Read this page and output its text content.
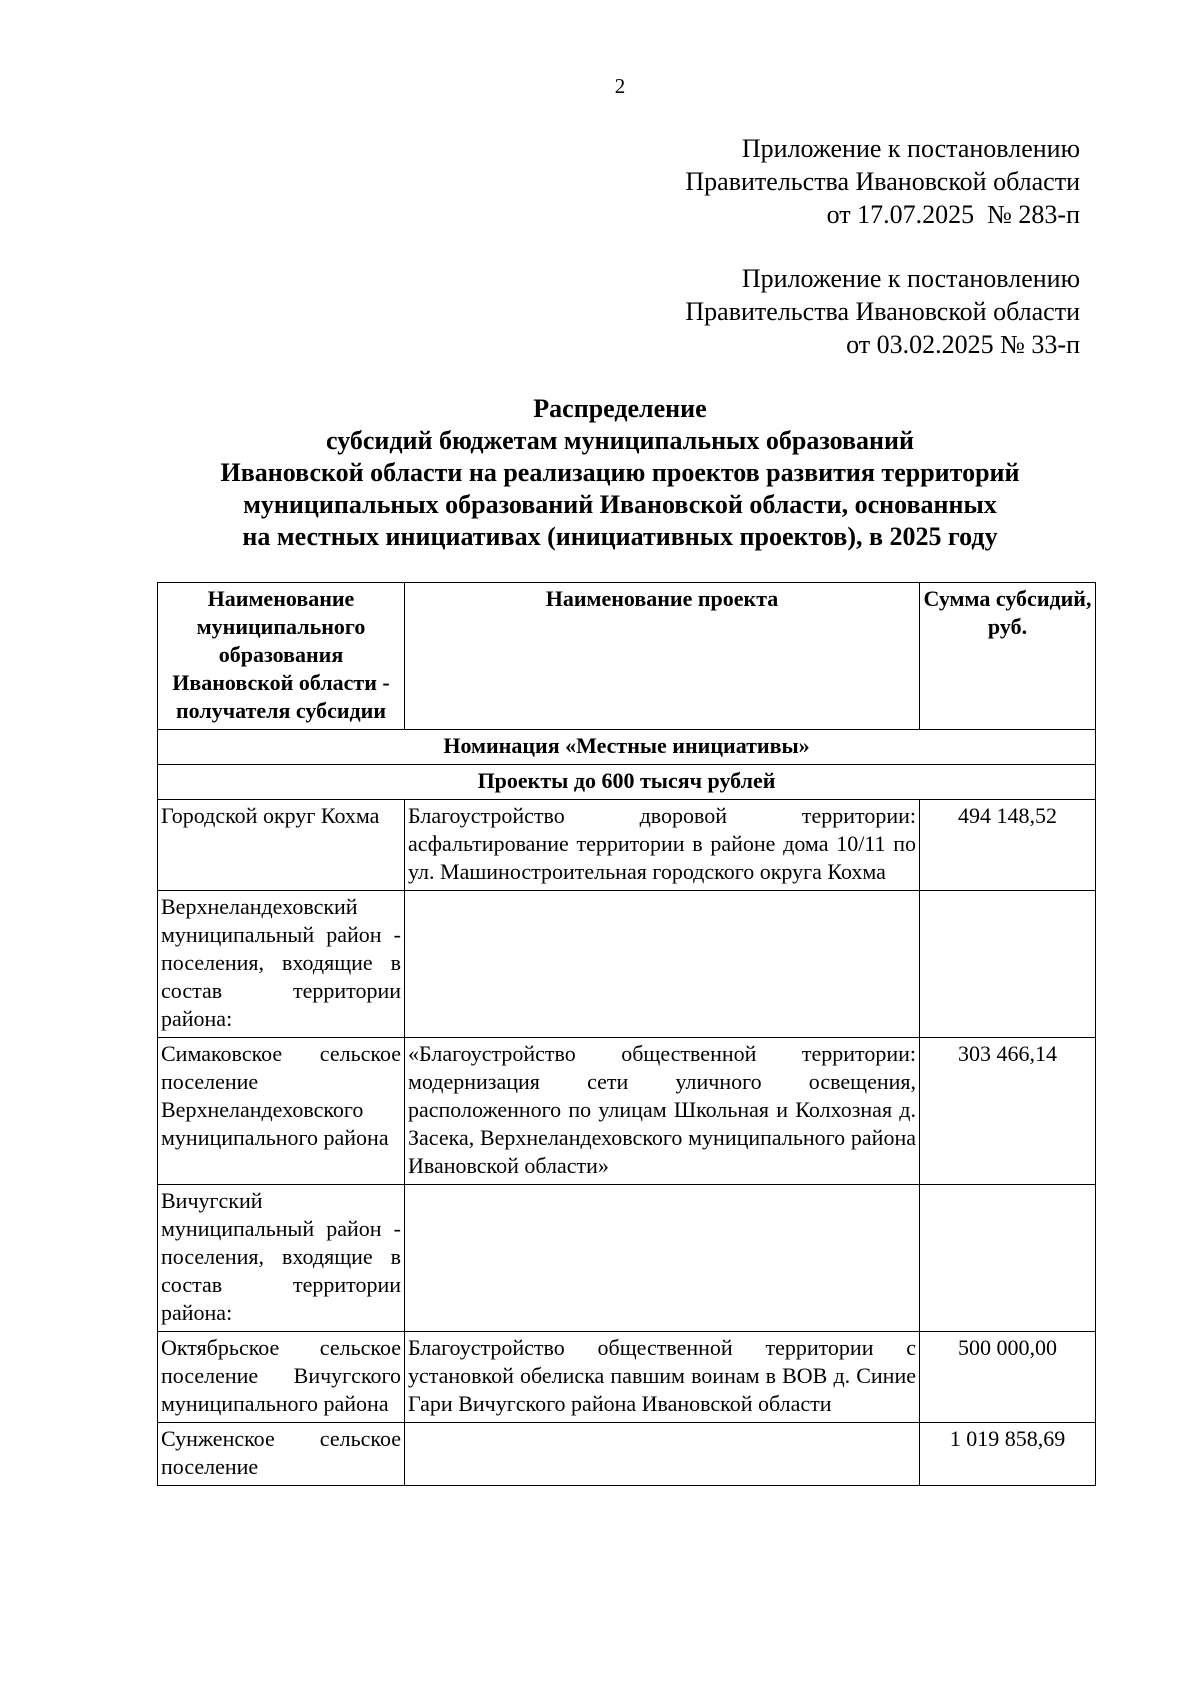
2
Приложение к постановлению
Правительства Ивановской области
от 17.07.2025  № 283-п
Приложение к постановлению
Правительства Ивановской области
от 03.02.2025 № 33-п
Распределение
субсидий бюджетам муниципальных образований
Ивановской области на реализацию проектов развития территорий
муниципальных образований Ивановской области, основанных
на местных инициативах (инициативных проектов), в 2025 году
Наименование муниципального образования Ивановской области - получателя субсидии	Наименование проекта	Сумма субсидий, руб.
Номинация «Местные инициативы»		
Проекты до 600 тысяч рублей		
Городской округ Кохма	Благоустройство дворовой территории: асфальтирование территории в районе дома 10/11 по ул. Машиностроительная городского округа Кохма	494 148,52
Верхнеландеховский муниципальный район - поселения, входящие в состав территории района:		
Симаковское сельское поселение Верхнеландеховского муниципального района	«Благоустройство общественной территории: модернизация сети уличного освещения, расположенного по улицам Школьная и Колхозная д. Засека, Верхнеландеховского муниципального района Ивановской области»	303 466,14
Вичугский муниципальный район - поселения, входящие в состав территории района:		
Октябрьское сельское поселение Вичугского муниципального района	Благоустройство общественной территории с установкой обелиска павшим воинам в ВОВ д. Синие Гари Вичугского района Ивановской области	500 000,00
Сунженское сельское поселение		1 019 858,69
